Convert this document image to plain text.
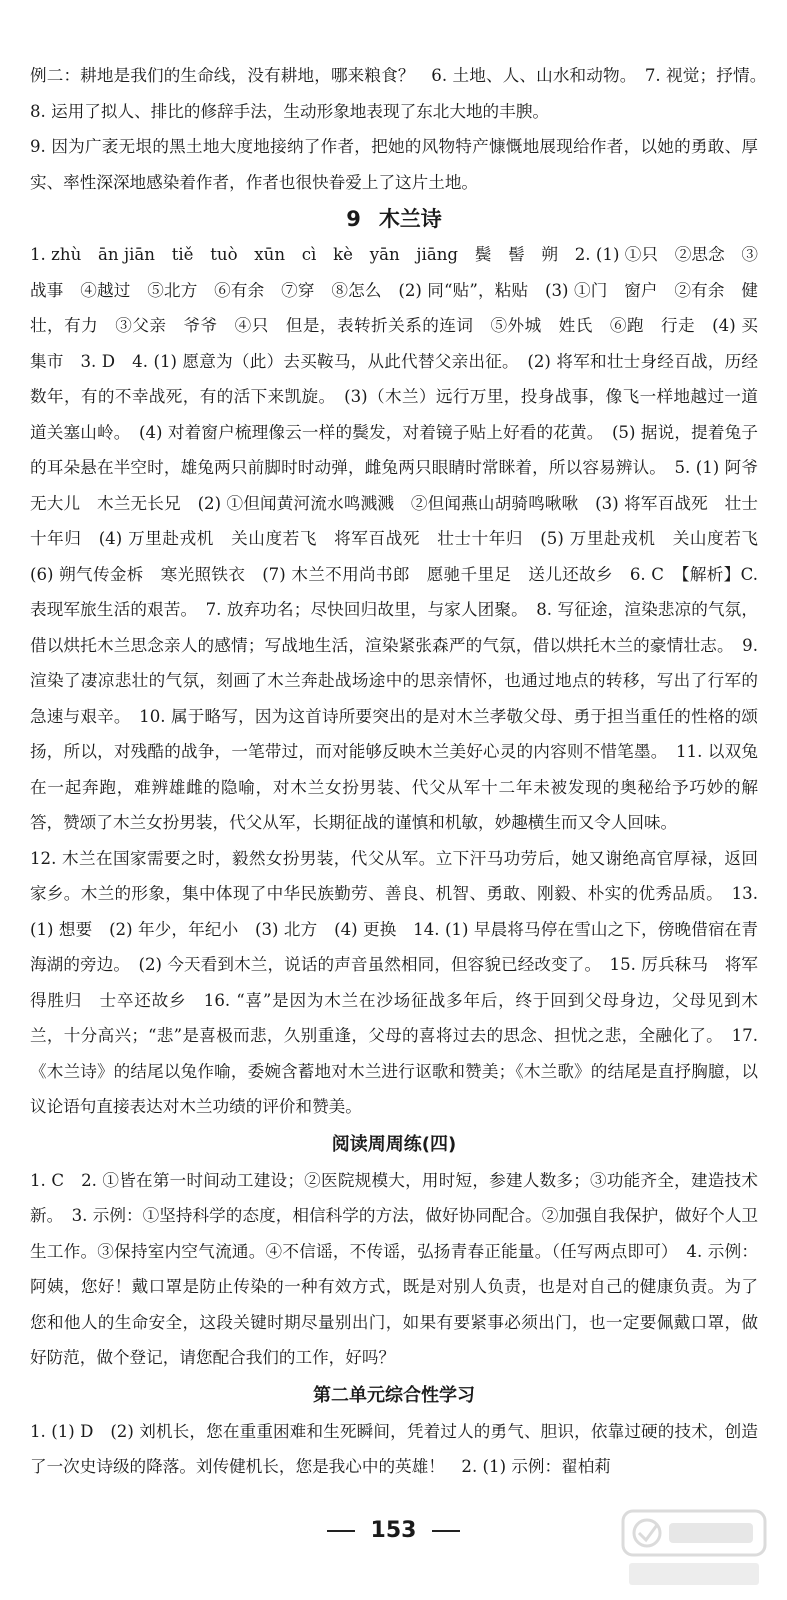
例二：耕地是我们的生命线，没有耕地，哪来粮食？　6. 土地、人、山水和动物。　7. 视觉；抒情。　8. 运用了拟人、排比的修辞手法，生动形象地表现了东北大地的丰腴。

9. 因为广袤无垠的黑土地大度地接纳了作者，把她的风物特产慷慨地展现给作者，以她的勇敢、厚实、率性深深地感染着作者，作者也很快眷爱上了这片土地。

9 木兰诗

1. zhù　ān jiān　tiě　tuò　xūn　cì　kè　yān　jiāng　鬓　髻　朔　2. (1) ①只　②思念　③战事　④越过　⑤北方　⑥有余　⑦穿　⑧怎么　(2) 同“贴”，粘贴　(3) ①门　窗户　②有余　健壮，有力　③父亲　爷爷　④只　但是，表转折关系的连词　⑤外城　姓氏　⑥跑　行走　(4) 买　集市　3. D　4. (1) 愿意为（此）去买鞍马，从此代替父亲出征。　(2) 将军和壮士身经百战，历经数年，有的不幸战死，有的活下来凯旋。　(3)（木兰）远行万里，投身战事，像飞一样地越过一道道关塞山岭。　(4) 对着窗户梳理像云一样的鬓发，对着镜子贴上好看的花黄。　(5) 据说，提着兔子的耳朵悬在半空时，雄兔两只前脚时时动弹，雌兔两只眼睛时常眯着，所以容易辨认。　5. (1) 阿爷无大儿　木兰无长兄　(2) ①但闻黄河流水鸣溅溅　②但闻燕山胡骑鸣啾啾　(3) 将军百战死　壮士十年归　(4) 万里赴戎机　关山度若飞　将军百战死　壮士十年归　(5) 万里赴戎机　关山度若飞　(6) 朔气传金柝　寒光照铁衣　(7) 木兰不用尚书郎　愿驰千里足　送儿还故乡　6. C　【解析】C. 表现军旅生活的艰苦。　7. 放弃功名；尽快回归故里，与家人团聚。　8. 写征途，渲染悲凉的气氛，借以烘托木兰思念亲人的感情；写战地生活，渲染紧张森严的气氛，借以烘托木兰的豪情壮志。　9. 渲染了凄凉悲壮的气氛，刻画了木兰奔赴战场途中的思亲情怀，也通过地点的转移，写出了行军的急速与艰辛。　10. 属于略写，因为这首诗所要突出的是对木兰孝敬父母、勇于担当重任的性格的颂扬，所以，对残酷的战争，一笔带过，而对能够反映木兰美好心灵的内容则不惜笔墨。　11. 以双兔在一起奔跑，难辨雄雌的隐喻，对木兰女扮男装、代父从军十二年未被发现的奥秘给予巧妙的解答，赞颂了木兰女扮男装，代父从军，长期征战的谨慎和机敏，妙趣横生而又令人回味。

12. 木兰在国家需要之时，毅然女扮男装，代父从军。立下汗马功劳后，她又谢绝高官厚禄，返回家乡。木兰的形象，集中体现了中华民族勤劳、善良、机智、勇敢、刚毅、朴实的优秀品质。　13. (1) 想要　(2) 年少，年纪小　(3) 北方　(4) 更换　14. (1) 早晨将马停在雪山之下，傍晚借宿在青海湖的旁边。　(2) 今天看到木兰，说话的声音虽然相同，但容貌已经改变了。　15. 厉兵秣马　将军得胜归　士卒还故乡　16. “喜”是因为木兰在沙场征战多年后，终于回到父母身边，父母见到木兰，十分高兴；“悲”是喜极而悲，久别重逢，父母的喜将过去的思念、担忧之悲，全融化了。　17.《木兰诗》的结尾以兔作喻，委婉含蓄地对木兰进行讴歌和赞美；《木兰歌》的结尾是直抒胸臆，以议论语句直接表达对木兰功绩的评价和赞美。

阅读周周练(四)

1. C　2. ①皆在第一时间动工建设；②医院规模大，用时短，参建人数多；③功能齐全，建造技术新。　3. 示例：①坚持科学的态度，相信科学的方法，做好协同配合。②加强自我保护，做好个人卫生工作。③保持室内空气流通。④不信谣，不传谣，弘扬青春正能量。（任写两点即可）　4. 示例：阿姨，您好！戴口罩是防止传染的一种有效方式，既是对别人负责，也是对自己的健康负责。为了您和他人的生命安全，这段关键时期尽量别出门，如果有要紧事必须出门，也一定要佩戴口罩，做好防范，做个登记，请您配合我们的工作，好吗？

第二单元综合性学习

1. (1) D　(2) 刘机长，您在重重困难和生死瞬间，凭着过人的勇气、胆识，依靠过硬的技术，创造了一次史诗级的降落。刘传健机长，您是我心中的英雄！　2. (1) 示例：翟柏莉

153
